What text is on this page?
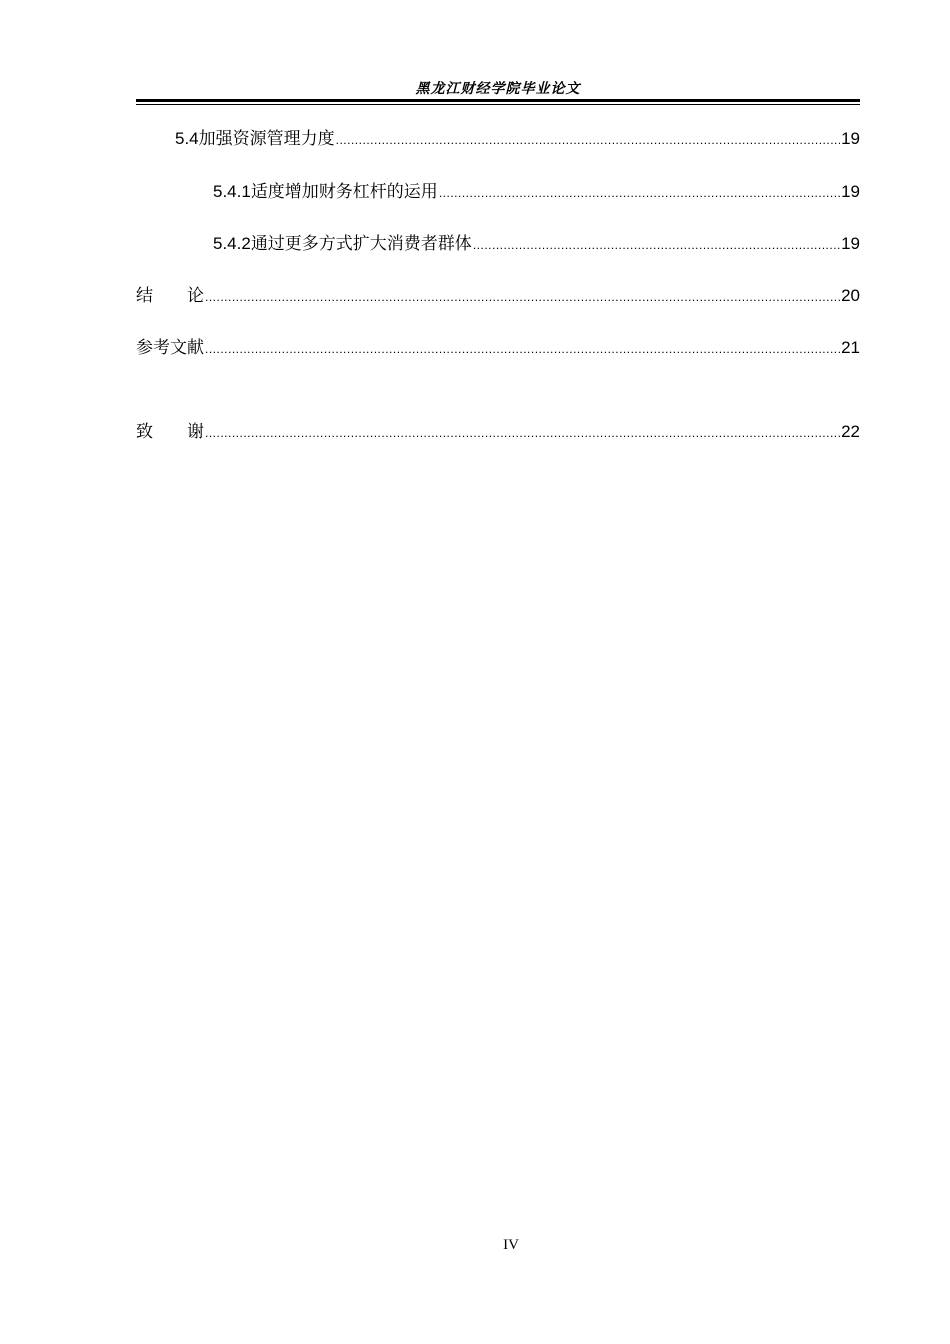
黑龙江财经学院毕业论文
5.4 加强资源管理力度 .....	19
5.4.1 适度增加财务杠杆的运用 .....	19
5.4.2 通过更多方式扩大消费者群体 .....	19
结　　论 .....	20
参考文献 .....	21
致　　谢 .....	22
IV
